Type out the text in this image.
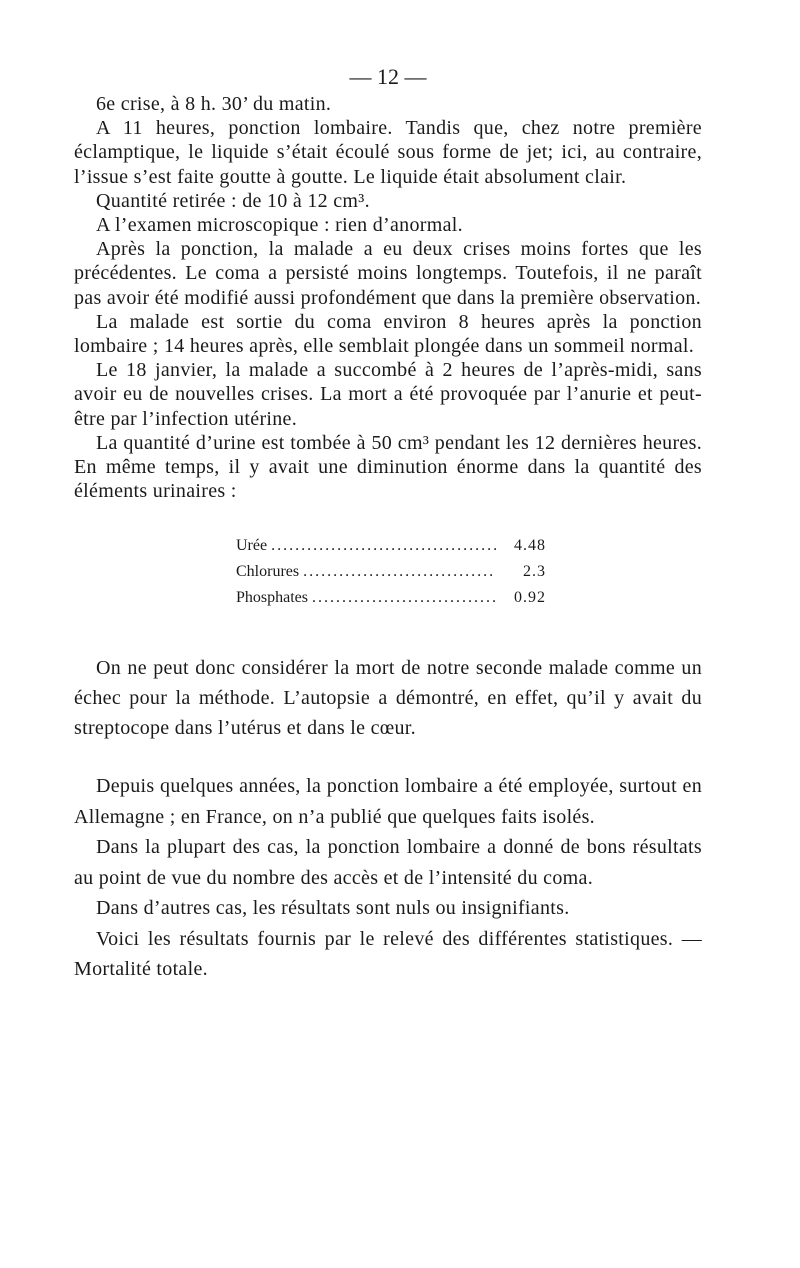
— 12 —

6e crise, à 8 h. 30’ du matin.

A 11 heures, ponction lombaire. Tandis que, chez notre première éclamptique, le liquide s’était écoulé sous forme de jet; ici, au contraire, l’issue s’est faite goutte à goutte. Le liquide était absolument clair.

Quantité retirée : de 10 à 12 cm³.

A l’examen microscopique : rien d’anormal.

Après la ponction, la malade a eu deux crises moins fortes que les précédentes. Le coma a persisté moins longtemps. Toutefois, il ne paraît pas avoir été modifié aussi profondément que dans la première observation.

La malade est sortie du coma environ 8 heures après la ponction lombaire ; 14 heures après, elle semblait plongée dans un sommeil normal.

Le 18 janvier, la malade a succombé à 2 heures de l’après-midi, sans avoir eu de nouvelles crises. La mort a été provoquée par l’anurie et peut-être par l’infection utérine.

La quantité d’urine est tombée à 50 cm³ pendant les 12 dernières heures. En même temps, il y avait une diminution énorme dans la quantité des éléments urinaires :

Urée .....	4.48
Chlorures .....	2.3
Phosphates .....	0.92

On ne peut donc considérer la mort de notre seconde malade comme un échec pour la méthode. L’autopsie a démontré, en effet, qu’il y avait du streptocope dans l’utérus et dans le cœur.

Depuis quelques années, la ponction lombaire a été employée, surtout en Allemagne ; en France, on n’a publié que quelques faits isolés.

Dans la plupart des cas, la ponction lombaire a donné de bons résultats au point de vue du nombre des accès et de l’intensité du coma.

Dans d’autres cas, les résultats sont nuls ou insignifiants.

Voici les résultats fournis par le relevé des différentes statistiques. — Mortalité totale.
